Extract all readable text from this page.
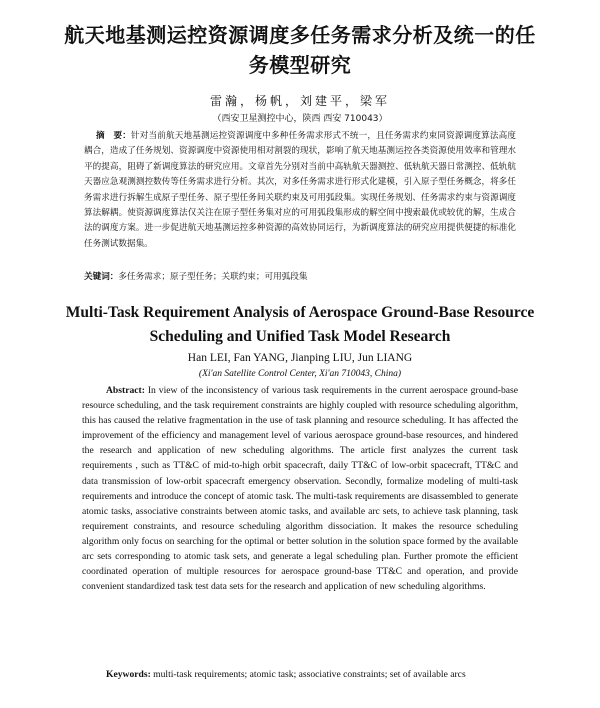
航天地基测运控资源调度多任务需求分析及统一的任务模型研究
雷瀚，杨帆，刘建平，梁军
（西安卫星测控中心，陕西 西安 710043）
摘　要：针对当前航天地基测运控资源调度中多种任务需求形式不统一，且任务需求约束同资源调度算法高度耦合，造成了任务规划、资源调度中资源使用相对割裂的现状，影响了航天地基测运控各类资源使用效率和管理水平的提高，阻碍了新调度算法的研究应用。文章首先分别对当前中高轨航天器测控、低轨航天器日常测控、低轨航天器应急观测测控数传等任务需求进行分析。其次，对多任务需求进行形式化建模，引入原子型任务概念，将多任务需求进行拆解生成原子型任务、原子型任务间关联约束及可用弧段集。实现任务规划、任务需求约束与资源调度算法解耦。使资源调度算法仅关注在原子型任务集对应的可用弧段集形成的解空间中搜索最优或较优的解，生成合法的调度方案。进一步促进航天地基测运控多种资源的高效协同运行，为新调度算法的研究应用提供便捷的标准化任务测试数据集。
关键词：多任务需求；原子型任务；关联约束；可用弧段集
Multi-Task Requirement Analysis of Aerospace Ground-Base Resource Scheduling and Unified Task Model Research
Han LEI, Fan YANG, Jianping LIU, Jun LIANG
(Xi'an Satellite Control Center, Xi'an 710043, China)
Abstract: In view of the inconsistency of various task requirements in the current aerospace ground-base resource scheduling, and the task requirement constraints are highly coupled with resource scheduling algorithm, this has caused the relative fragmentation in the use of task planning and resource scheduling. It has affected the improvement of the efficiency and management level of various aerospace ground-base resources, and hindered the research and application of new scheduling algorithms. The article first analyzes the current task requirements , such as TT&C of mid-to-high orbit spacecraft, daily TT&C of low-orbit spacecraft, TT&C and data transmission of low-orbit spacecraft emergency observation. Secondly, formalize modeling of multi-task requirements and introduce the concept of atomic task. The multi-task requirements are disassembled to generate atomic tasks, associative constraints between atomic tasks, and available arc sets, to achieve task planning, task requirement constraints, and resource scheduling algorithm dissociation. It makes the resource scheduling algorithm only focus on searching for the optimal or better solution in the solution space formed by the available arc sets corresponding to atomic task sets, and generate a legal scheduling plan. Further promote the efficient coordinated operation of multiple resources for aerospace ground-base TT&C and operation, and provide convenient standardized task test data sets for the research and application of new scheduling algorithms.
Keywords: multi-task requirements; atomic task; associative constraints; set of available arcs
